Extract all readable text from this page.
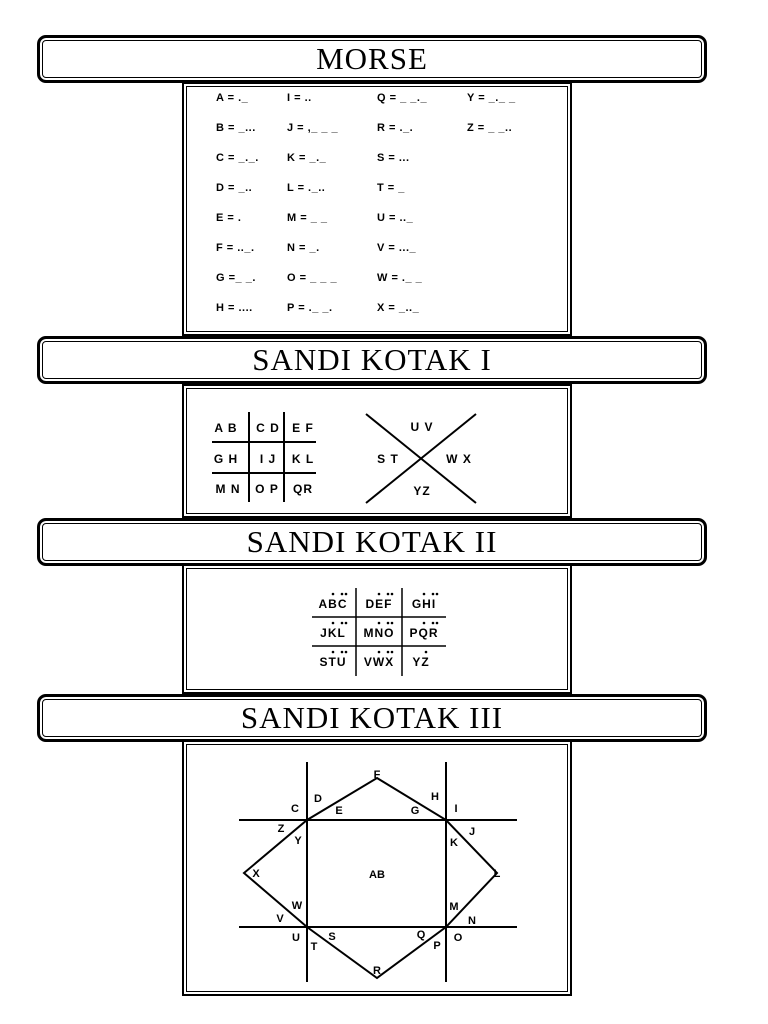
MORSE
A = ._
B = _...
C = _._.
D = _..
E = .
F = .._.
G =_ _.
H = ....
I = ..
J = ,_ _ _
K = _._
L = ._..
M = _ _
N = _.
O = _ _ _
P = ._ _.
Q = _ _._
R = ._.
S = ...
T = _
U = .._
V = ..._
W = ._ _
X = _.._
Y = _._ _
Z = _ _..
SANDI KOTAK I
A B C D E F
G H I J K L
M N O P QR
U V
S T	W X
YZ
SANDI KOTAK II
ABC DEF GHI
JKL MNO PQR
STU VWX YZ
SANDI KOTAK III
AB
F
C
D
E	G
H
I
J
K
L
M
N
O
P
Q
R
S
T
U
V
W
X
Y
Z
